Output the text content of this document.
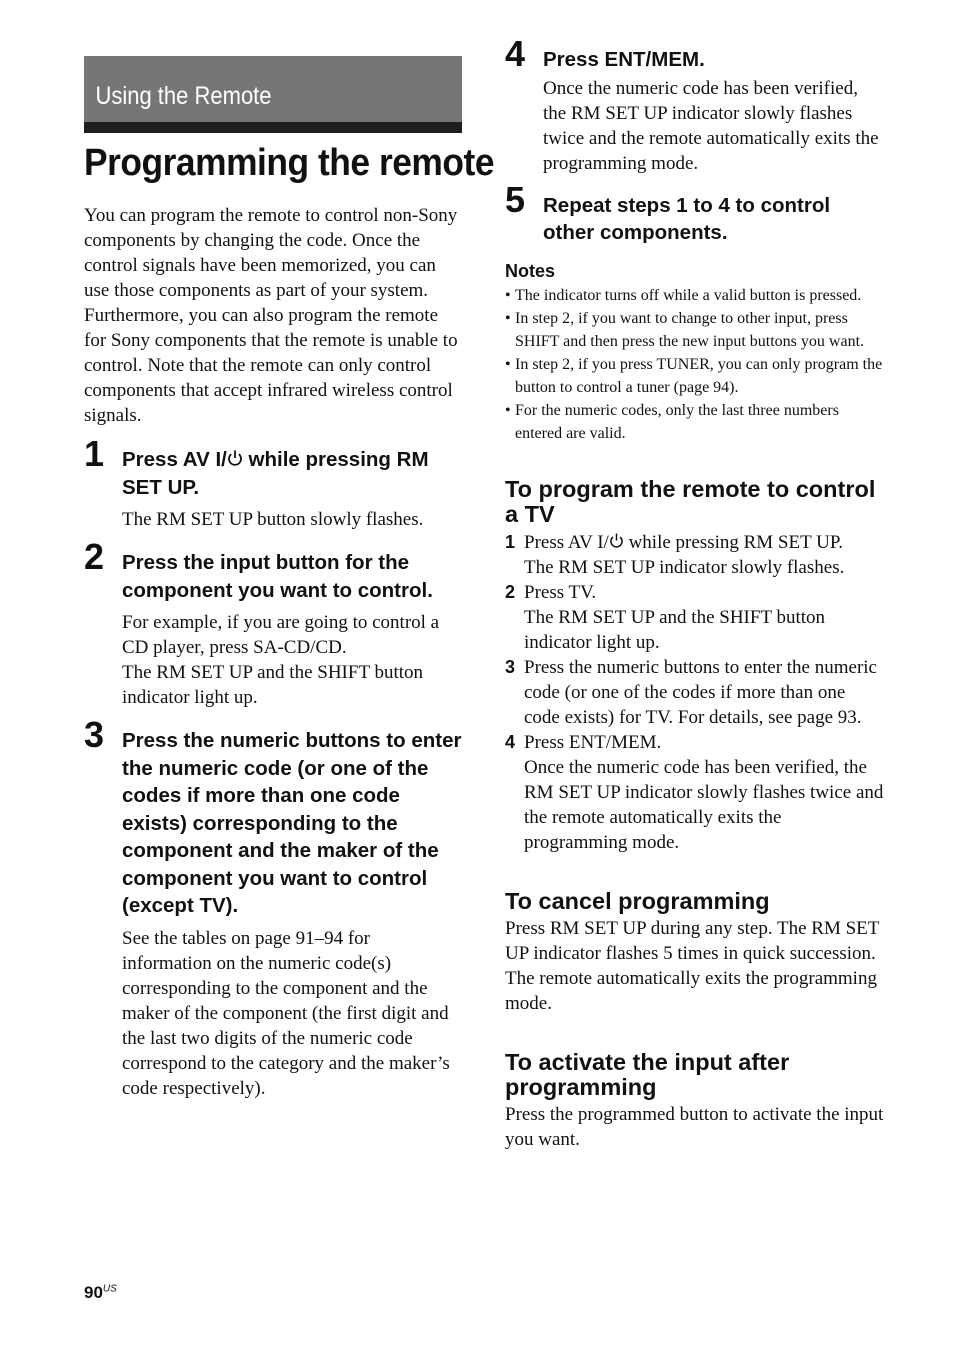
Using the Remote
Programming the remote

You can program the remote to control non-Sony components by changing the code. Once the control signals have been memorized, you can use those components as part of your system.

Furthermore, you can also program the remote for Sony components that the remote is unable to control. Note that the remote can only control components that accept infrared wireless control signals.

1 Press AV I/ while pressing RM SET UP.

The RM SET UP button slowly flashes.

2 Press the input button for the component you want to control.

For example, if you are going to control a CD player, press SA-CD/CD.

The RM SET UP and the SHIFT button indicator light up.

3 Press the numeric buttons to enter the numeric code (or one of the codes if more than one code exists) corresponding to the component and the maker of the component you want to control (except TV).

See the tables on page 91–94 for information on the numeric code(s) corresponding to the component and the maker of the component (the first digit and the last two digits of the numeric code correspond to the category and the maker’s code respectively).

4 Press ENT/MEM.

Once the numeric code has been verified, the RM SET UP indicator slowly flashes twice and the remote automatically exits the programming mode.

5 Repeat steps 1 to 4 to control other components.

Notes

• The indicator turns off while a valid button is pressed.

• In step 2, if you want to change to other input, press SHIFT and then press the new input buttons you want.

• In step 2, if you press TUNER, you can only program the button to control a tuner (page 94).

• For the numeric codes, only the last three numbers entered are valid.

To program the remote to control a TV
1 Press AV I/ while pressing RM SET UP.

The RM SET UP indicator slowly flashes.

2 Press TV.

The RM SET UP and the SHIFT button indicator light up.

3 Press the numeric buttons to enter the numeric code (or one of the codes if more than one code exists) for TV. For details, see page 93.

4 Press ENT/MEM.

Once the numeric code has been verified, the RM SET UP indicator slowly flashes twice and the remote automatically exits the programming mode.

To cancel programming

Press RM SET UP during any step. The RM SET UP indicator flashes 5 times in quick succession. The remote automatically exits the programming mode.

To activate the input after programming

Press the programmed button to activate the input you want.

$90^{US}$
